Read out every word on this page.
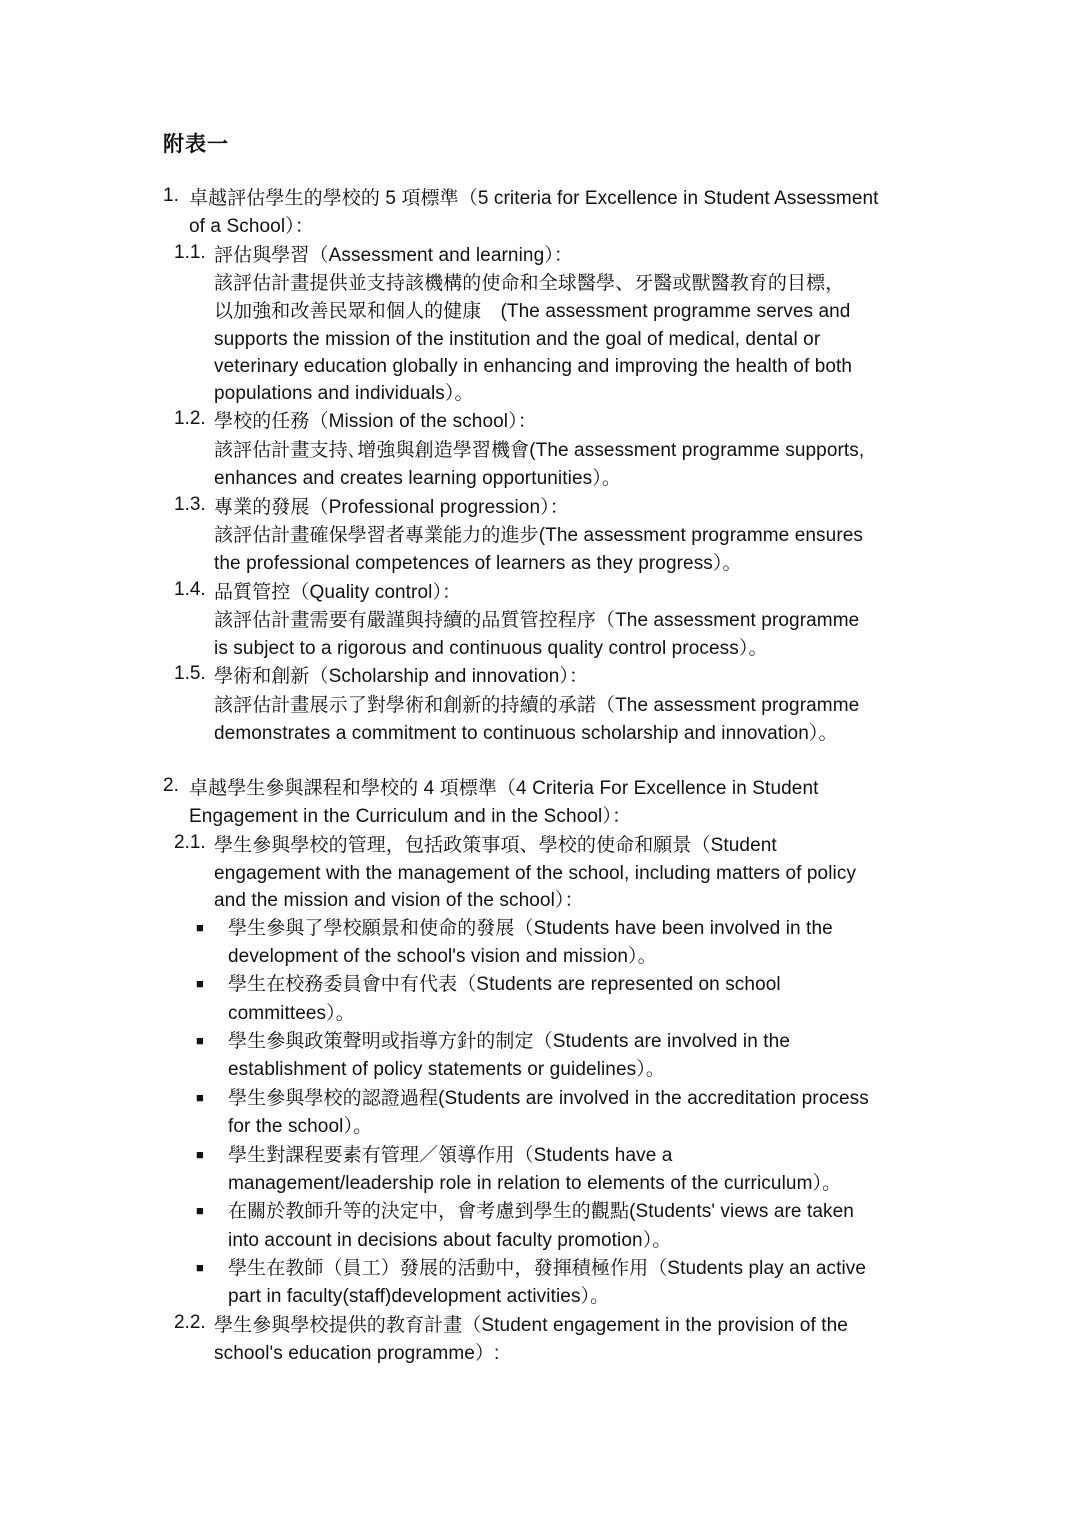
附表一
1. 卓越評估學生的學校的 5 項標準（5 criteria for Excellence in Student Assessment
of a School）：
1.1. 評估與學習（Assessment and learning）：
該評估計畫提供並支持該機構的使命和全球醫學、牙醫或獸醫教育的目標，
以加強和改善民眾和個人的健康　(The assessment programme serves and
supports the mission of the institution and the goal of medical, dental or
veterinary education globally in enhancing and improving the health of both
populations and individuals）。
1.2. 學校的任務（Mission of the school）：
該評估計畫支持､增強與創造學習機會(The assessment programme supports,
enhances and creates learning opportunities）。
1.3. 專業的發展（Professional progression）：
該評估計畫確保學習者專業能力的進步(The assessment programme ensures
the professional competences of learners as they progress）。
1.4. 品質管控（Quality control）：
該評估計畫需要有嚴謹與持續的品質管控程序（The assessment programme
is subject to a rigorous and continuous quality control process）。
1.5. 學術和創新（Scholarship and innovation）：
該評估計畫展示了對學術和創新的持續的承諾（The assessment programme
demonstrates a commitment to continuous scholarship and innovation）。
2. 卓越學生參與課程和學校的 4 項標準（4 Criteria For Excellence in Student
Engagement in the Curriculum and in the School）：
2.1. 學生參與學校的管理，包括政策事項、學校的使命和願景（Student
engagement with the management of the school, including matters of policy
and the mission and vision of the school）：
■ 學生參與了學校願景和使命的發展（Students have been involved in the
development of the school's vision and mission）。
■ 學生在校務委員會中有代表（Students are represented on school
committees）。
■ 學生參與政策聲明或指導方針的制定（Students are involved in the
establishment of policy statements or guidelines）。
■ 學生參與學校的認證過程(Students are involved in the accreditation process
for the school）。
■ 學生對課程要素有管理／領導作用（Students have a
management/leadership role in relation to elements of the curriculum）。
■ 在關於教師升等的決定中，會考慮到學生的觀點(Students' views are taken
into account in decisions about faculty promotion）。
■ 學生在教師（員工）發展的活動中，發揮積極作用（Students play an active
part in faculty(staff)development activities）。
2.2. 學生參與學校提供的教育計畫（Student engagement in the provision of the
school's education programme）:
